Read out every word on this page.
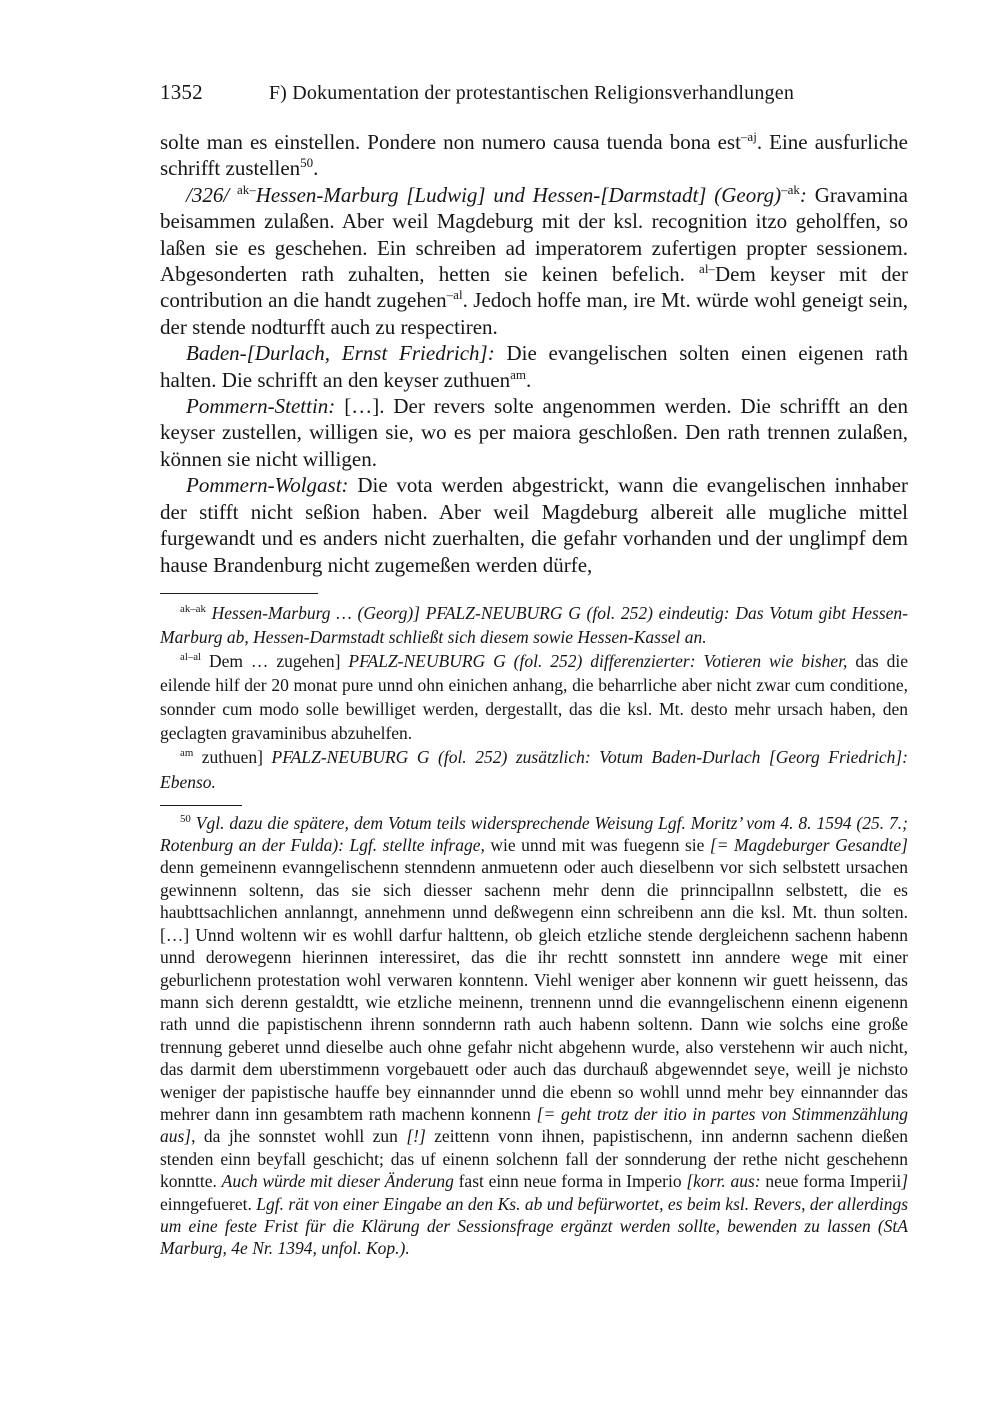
1352	F) Dokumentation der protestantischen Religionsverhandlungen

solte man es einstellen. Pondere non numero causa tuenda bona est$^{-aj}$. Eine ausfurliche schrifft zustellen$^{50}$.

/326/ $^{ak-}$Hessen-Marburg [Ludwig] und Hessen-[Darmstadt] (Georg)$^{-ak}$: Gravamina beisammen zulaßen. Aber weil Magdeburg mit der ksl. recognition itzo geholffen, so laßen sie es geschehen. Ein schreiben ad imperatorem zufertigen propter sessionem. Abgesonderten rath zuhalten, hetten sie keinen befelich. $^{al-}$Dem keyser mit der contribution an die handt zugehen$^{-al}$. Jedoch hoffe man, ire Mt. würde wohl geneigt sein, der stende nodturfft auch zu respectiren.

Baden-[Durlach, Ernst Friedrich]: Die evangelischen solten einen eigenen rath halten. Die schrifft an den keyser zuthuen$^{am}$.

Pommern-Stettin: […]. Der revers solte angenommen werden. Die schrifft an den keyser zustellen, willigen sie, wo es per maiora geschloßen. Den rath trennen zulaßen, können sie nicht willigen.

Pommern-Wolgast: Die vota werden abgestrickt, wann die evangelischen innhaber der stifft nicht seßion haben. Aber weil Magdeburg albereit alle mugliche mittel furgewandt und es anders nicht zuerhalten, die gefahr vorhanden und der unglimpf dem hause Brandenburg nicht zugemeßen werden dürfe,

$^{ak-ak}$ Hessen-Marburg … (Georg)] PFALZ-NEUBURG G (fol. 252) eindeutig: Das Votum gibt Hessen-Marburg ab, Hessen-Darmstadt schließt sich diesem sowie Hessen-Kassel an.

$^{al-al}$ Dem … zugehen] PFALZ-NEUBURG G (fol. 252) differenzierter: Votieren wie bisher, das die eilende hilf der 20 monat pure unnd ohn einichen anhang, die beharrliche aber nicht zwar cum conditione, sonnder cum modo solle bewilliget werden, dergestallt, das die ksl. Mt. desto mehr ursach haben, den geclagten gravaminibus abzuhelfen.

$^{am}$ zuthuen] PFALZ-NEUBURG G (fol. 252) zusätzlich: Votum Baden-Durlach [Georg Friedrich]: Ebenso.

$^{50}$ Vgl. dazu die spätere, dem Votum teils widersprechende Weisung Lgf. Moritz’ vom 4. 8. 1594 (25. 7.; Rotenburg an der Fulda): Lgf. stellte infrage, wie unnd mit was fuegenn sie [= Magdeburger Gesandte] denn gemeinenn evanngelischenn stenndenn anmuetenn oder auch dieselbenn vor sich selbstett ursachen gewinnenn soltenn, das sie sich diesser sachenn mehr denn die prinncipallnn selbstett, die es haubttsachlichen annlanngt, annehmenn unnd deßwegenn einn schreibenn ann die ksl. Mt. thun solten. […] Unnd woltenn wir es wohll darfur halttenn, ob gleich etzliche stende dergleichenn sachenn habenn unnd derowegenn hierinnen interessiret, das die ihr rechtt sonnstett inn anndere wege mit einer geburlichenn protestation wohl verwaren konntenn. Viehl weniger aber konnenn wir guett heissenn, das mann sich derenn gestaldtt, wie etzliche meinenn, trennenn unnd die evanngelischenn einenn eigenenn rath unnd die papistischenn ihrenn sonndernn rath auch habenn soltenn. Dann wie solchs eine große trennung geberet unnd dieselbe auch ohne gefahr nicht abgehenn wurde, also verstehenn wir auch nicht, das darmit dem uberstimmenn vorgebauett oder auch das durchauß abgewenndet seye, weill je nichsto weniger der papistische hauffe bey einnannder unnd die ebenn so wohll unnd mehr bey einnannder das mehrer dann inn gesambtem rath machenn konnenn [= geht trotz der itio in partes von Stimmenzählung aus], da jhe sonnstet wohll zun [!] zeittenn vonn ihnen, papistischenn, inn andernn sachenn dießen stenden einn beyfall geschicht; das uf einenn solchenn fall der sonnderung der rethe nicht geschehenn konntte. Auch würde mit dieser Änderung fast einn neue forma in Imperio [korr. aus: neue forma Imperii] einngefueret. Lgf. rät von einer Eingabe an den Ks. ab und befürwortet, es beim ksl. Revers, der allerdings um eine feste Frist für die Klärung der Sessionsfrage ergänzt werden sollte, bewenden zu lassen (StA Marburg, 4e Nr. 1394, unfol. Kop.).
